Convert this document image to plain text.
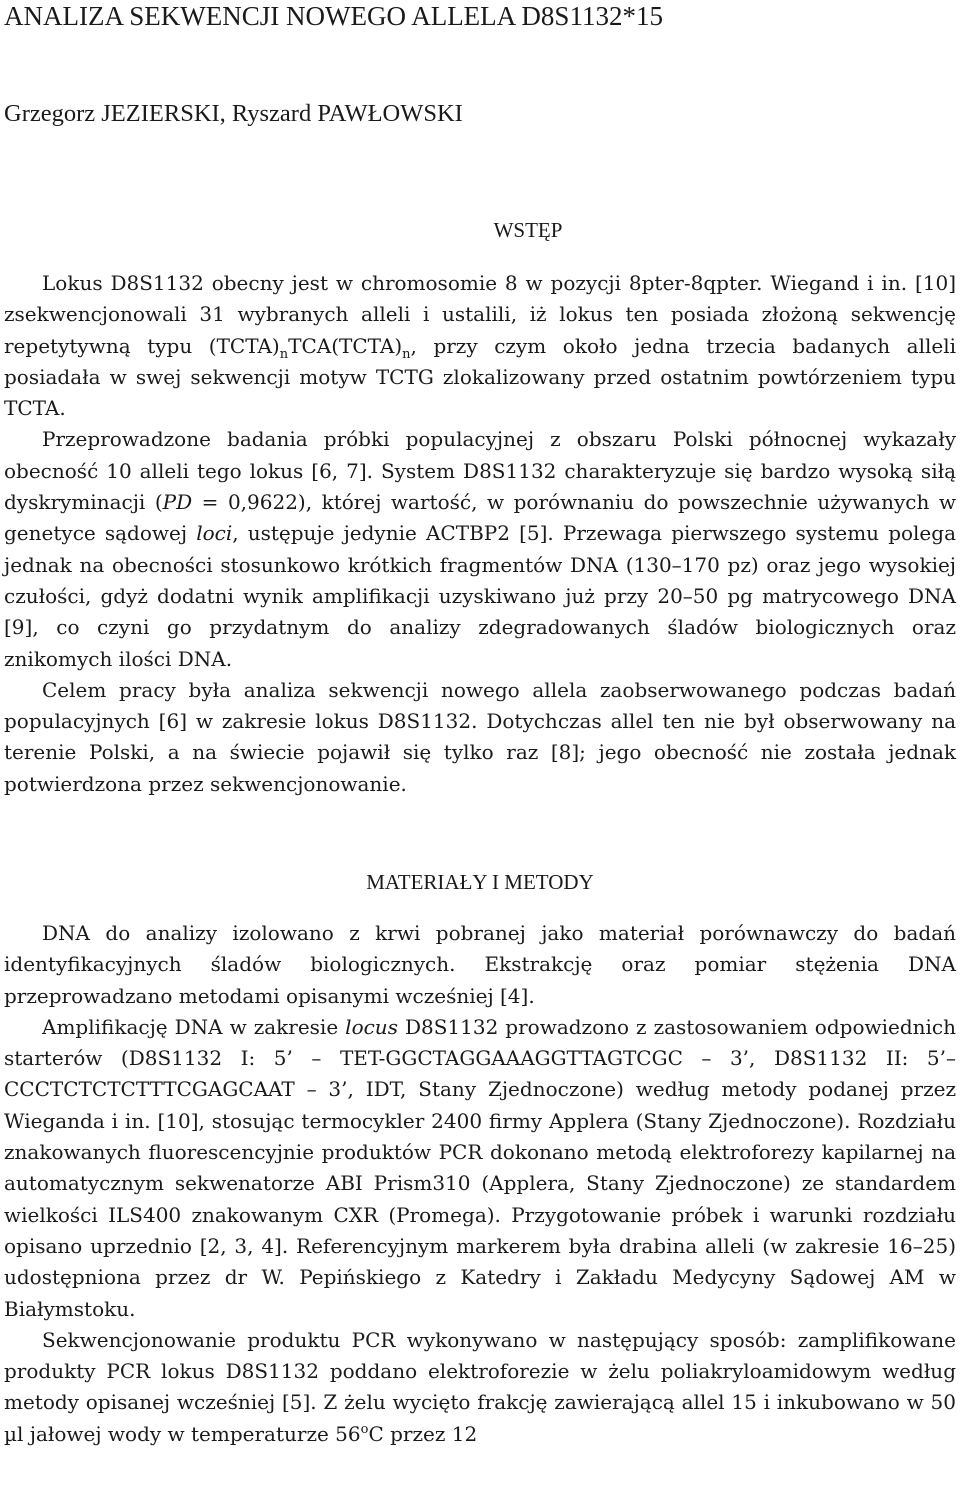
ANALIZA SEKWENCJI NOWEGO ALLELA D8S1132*15
Grzegorz JEZIERSKI, Ryszard PAWŁOWSKI
WSTĘP

Lokus D8S1132 obecny jest w chromosomie 8 w pozycji 8pter-8qpter. Wiegand i in. [10] zsekwencjonowali 31 wybranych alleli i ustalili, iż lokus ten posiada złożoną sekwencję repetytywną typu $(TCTA)_nTCA(TCTA)_n$, przy czym około jedna trzecia badanych alleli posiadała w swej sekwencji motyw TCTG zlokalizowany przed ostatnim powtórzeniem typu TCTA.

Przeprowadzone badania próbki populacyjnej z obszaru Polski północnej wykazały obecność 10 alleli tego lokus [6, 7]. System D8S1132 charakteryzuje się bardzo wysoką siłą dyskryminacji (PD = 0,9622), której wartość, w porównaniu do powszechnie używanych w genetyce sądowej loci, ustępuje jedynie ACTBP2 [5]. Przewaga pierwszego systemu polega jednak na obecności stosunkowo krótkich fragmentów DNA (130–170 pz) oraz jego wysokiej czułości, gdyż dodatni wynik amplifikacji uzyskiwano już przy 20–50 pg matrycowego DNA [9], co czyni go przydatnym do analizy zdegradowanych śladów biologicznych oraz znikomych ilości DNA.

Celem pracy była analiza sekwencji nowego allela zaobserwowanego podczas badań populacyjnych [6] w zakresie lokus D8S1132. Dotychczas allel ten nie był obserwowany na terenie Polski, a na świecie pojawił się tylko raz [8]; jego obecność nie została jednak potwierdzona przez sekwencjonowanie.

MATERIAŁY I METODY

DNA do analizy izolowano z krwi pobranej jako materiał porównawczy do badań identyfikacyjnych śladów biologicznych. Ekstrakcję oraz pomiar stężenia DNA przeprowadzano metodami opisanymi wcześniej [4].

Amplifikację DNA w zakresie locus D8S1132 prowadzono z zastosowaniem odpowiednich starterów (D8S1132 I: 5’ – TET-GGCTAGGAAAGGTTAGTCGC – 3’, D8S1132 II: 5’– CCCTCTCTCTTTCGAGCAAT – 3’, IDT, Stany Zjednoczone) według metody podanej przez Wieganda i in. [10], stosując termocykler 2400 firmy Applera (Stany Zjednoczone). Rozdziału znakowanych fluorescencyjnie produktów PCR dokonano metodą elektroforezy kapilarnej na automatycznym sekwenatorze ABI Prism310 (Applera, Stany Zjednoczone) ze standardem wielkości ILS400 znakowanym CXR (Promega). Przygotowanie próbek i warunki rozdziału opisano uprzednio [2, 3, 4]. Referencyjnym markerem była drabina alleli (w zakresie 16–25) udostępniona przez dr W. Pepińskiego z Katedry i Zakładu Medycyny Sądowej AM w Białymstoku.

Sekwencjonowanie produktu PCR wykonywano w następujący sposób: zamplifikowane produkty PCR lokus D8S1132 poddano elektroforezie w żelu poliakryloamidowym według metody opisanej wcześniej [5]. Z żelu wycięto frakcję zawierającą allel 15 i inkubowano w 50 µl jałowej wody w temperaturze 56$^o$C przez 12
